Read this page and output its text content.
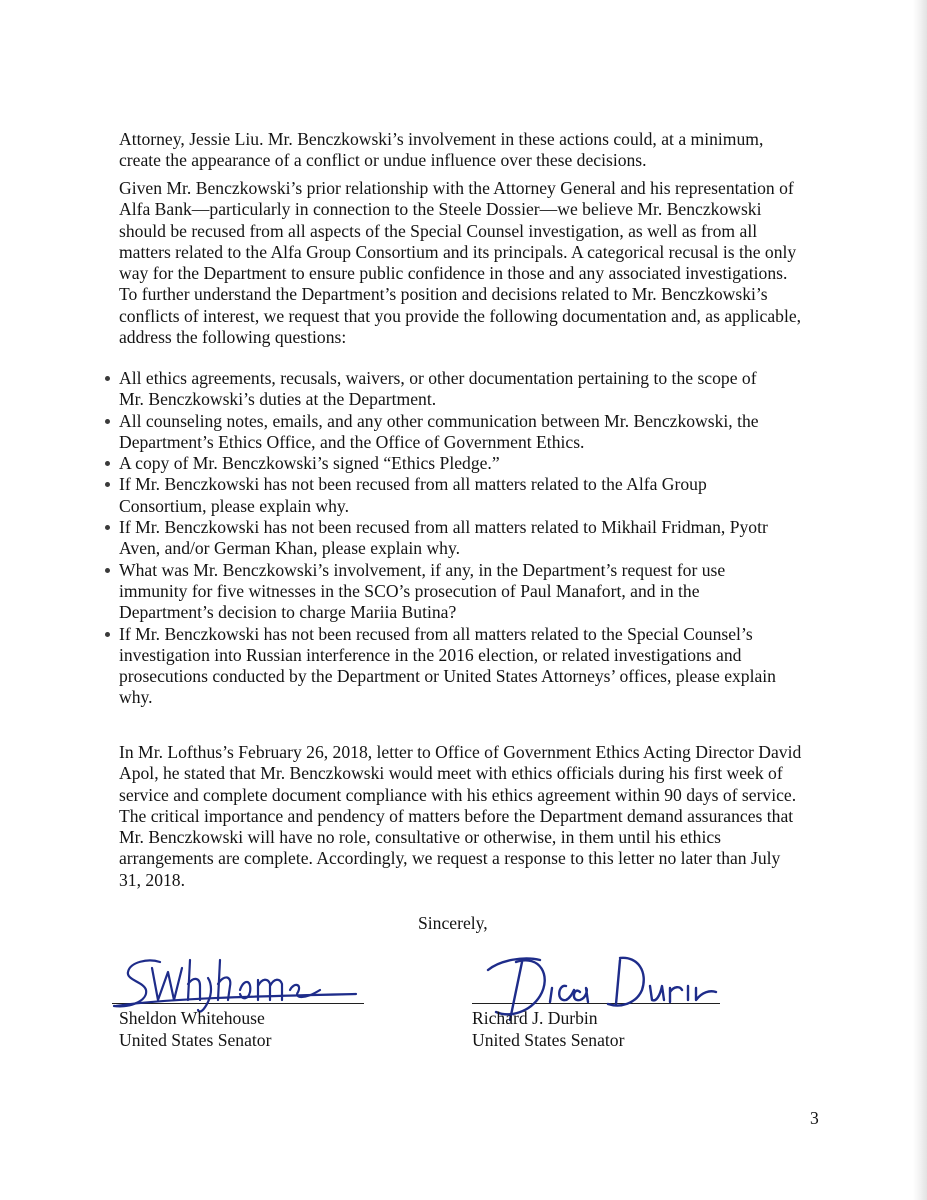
Attorney, Jessie Liu. Mr. Benczkowski’s involvement in these actions could, at a minimum,
create the appearance of a conflict or undue influence over these decisions.
Given Mr. Benczkowski’s prior relationship with the Attorney General and his representation of
Alfa Bank—particularly in connection to the Steele Dossier—we believe Mr. Benczkowski
should be recused from all aspects of the Special Counsel investigation, as well as from all
matters related to the Alfa Group Consortium and its principals. A categorical recusal is the only
way for the Department to ensure public confidence in those and any associated investigations.
To further understand the Department’s position and decisions related to Mr. Benczkowski’s
conflicts of interest, we request that you provide the following documentation and, as applicable,
address the following questions:
All ethics agreements, recusals, waivers, or other documentation pertaining to the scope of
Mr. Benczkowski’s duties at the Department.
All counseling notes, emails, and any other communication between Mr. Benczkowski, the
Department’s Ethics Office, and the Office of Government Ethics.
A copy of Mr. Benczkowski’s signed “Ethics Pledge.”
If Mr. Benczkowski has not been recused from all matters related to the Alfa Group
Consortium, please explain why.
If Mr. Benczkowski has not been recused from all matters related to Mikhail Fridman, Pyotr
Aven, and/or German Khan, please explain why.
What was Mr. Benczkowski’s involvement, if any, in the Department’s request for use
immunity for five witnesses in the SCO’s prosecution of Paul Manafort, and in the
Department’s decision to charge Mariia Butina?
If Mr. Benczkowski has not been recused from all matters related to the Special Counsel’s
investigation into Russian interference in the 2016 election, or related investigations and
prosecutions conducted by the Department or United States Attorneys’ offices, please explain
why.
In Mr. Lofthus’s February 26, 2018, letter to Office of Government Ethics Acting Director David
Apol, he stated that Mr. Benczkowski would meet with ethics officials during his first week of
service and complete document compliance with his ethics agreement within 90 days of service.
The critical importance and pendency of matters before the Department demand assurances that
Mr. Benczkowski will have no role, consultative or otherwise, in them until his ethics
arrangements are complete. Accordingly, we request a response to this letter no later than July
31, 2018.
Sincerely,
Sheldon Whitehouse
United States Senator
Richard J. Durbin
United States Senator
3
